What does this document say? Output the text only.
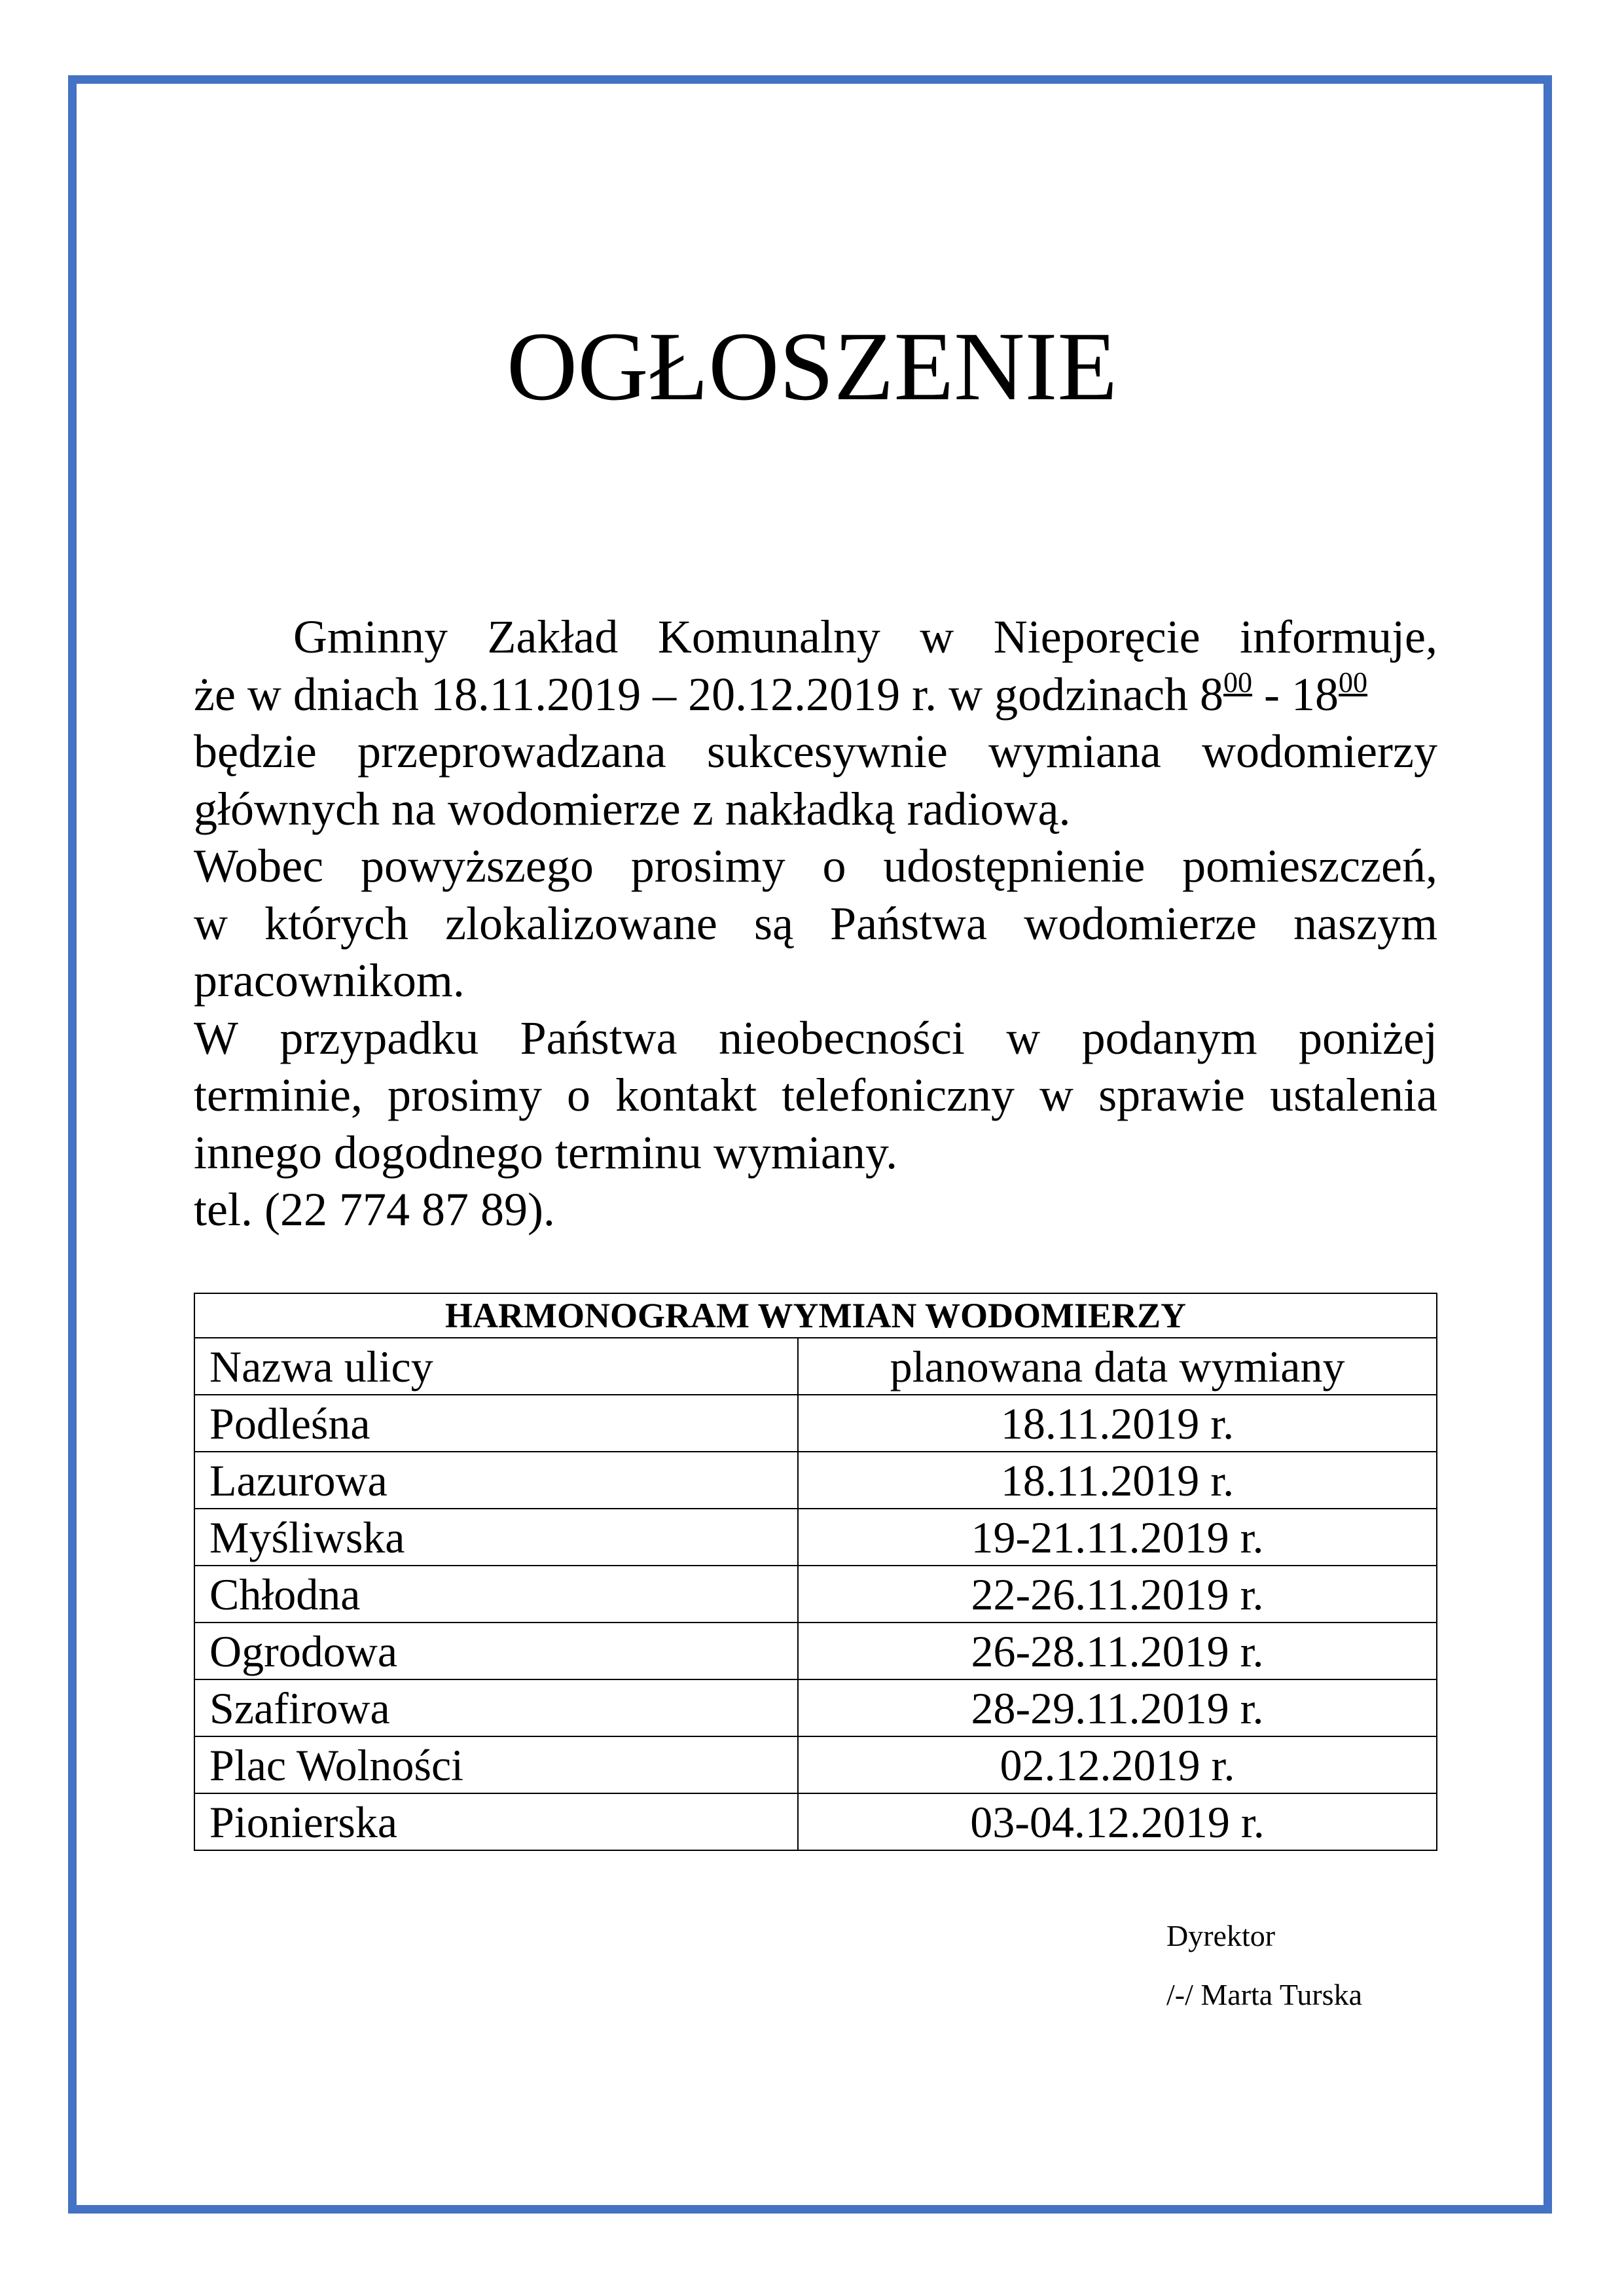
OGŁOSZENIE

Gminny Zakład Komunalny w Nieporęcie informuje,
że w dniach 18.11.2019 – 20.12.2019 r. w godzinach $8^{00} - 18^{00}$
będzie przeprowadzana sukcesywnie wymiana wodomierzy
głównych na wodomierze z nakładką radiową.

Wobec powyższego prosimy o udostępnienie pomieszczeń,
w których zlokalizowane są Państwa wodomierze naszym
pracownikom.

W przypadku Państwa nieobecności w podanym poniżej
terminie, prosimy o kontakt telefoniczny w sprawie ustalenia
innego dogodnego terminu wymiany.

tel. (22 774 87 89).

HARMONOGRAM WYMIAN WODOMIERZY	
Nazwa ulicy	planowana data wymiany
Podleśna	18.11.2019 r.
Lazurowa	18.11.2019 r.
Myśliwska	19-21.11.2019 r.
Chłodna	22-26.11.2019 r.
Ogrodowa	26-28.11.2019 r.
Szafirowa	28-29.11.2019 r.
Plac Wolności	02.12.2019 r.
Pionierska	03-04.12.2019 r.
Dyrektor
/-/ Marta Turska
